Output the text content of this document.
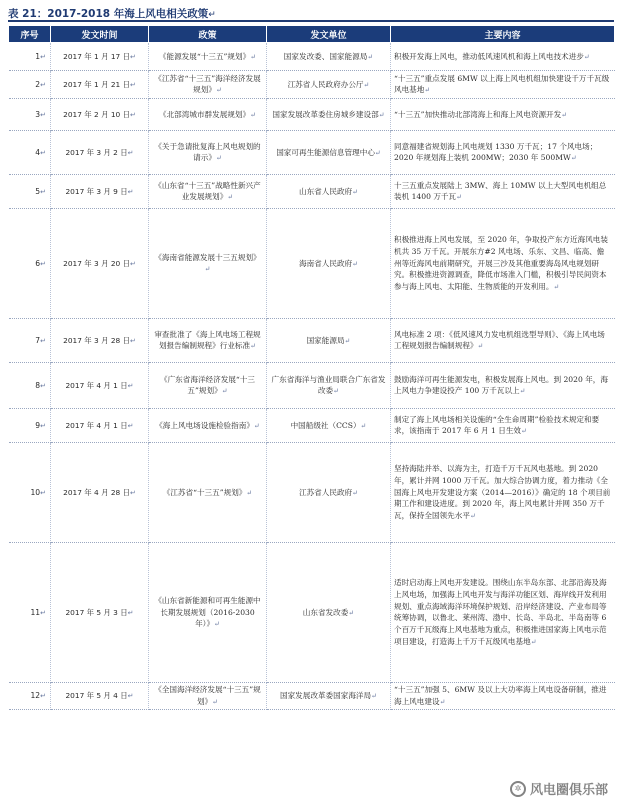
表 21：2017-2018 年海上风电相关政策↵
序号	发文时间	政策	发文单位	主要内容
1↵	2017 年 1 月 17 日↵	《能源发展“十三五”规划》↵	国家发改委、国家能源局↵	积极开发海上风电，推动低风速风机和海上风电技术进步↵
2↵	2017 年 1 月 21 日↵	《江苏省“十三五”海洋经济发展规划》↵	江苏省人民政府办公厅↵	“十三五”重点发展 6MW 以上海上风电机组加快建设千万千瓦级风电基地↵
3↵	2017 年 2 月 10 日↵	《北部湾城市群发展规划》↵	国家发展改革委住房城乡建设部↵	“十三五”加快推动北部湾海上和海上风电资源开发↵
4↵	2017 年 3 月 2 日↵	《关于急请批复海上风电规划的请示》↵	国家可再生能源信息管理中心↵	同意福建省规划海上风电规划 1330 万千瓦；17 个风电场；2020 年规划海上装机 200MW；2030 年 500MW↵
5↵	2017 年 3 月 9 日↵	《山东省“十三五”战略性新兴产业发展规划》↵	山东省人民政府↵	十三五重点发展陆上 3MW、海上 10MW 以上大型风电机组总装机 1400 万千瓦↵
6↵	2017 年 3 月 20 日↵	《海南省能源发展十三五规划》↵	海南省人民政府↵	积极推进海上风电发展，至 2020 年，争取投产东方近海风电装机共 35 万千瓦。开展东方#2 风电场、乐东、文昌、临高、儋州等近海风电前期研究，开展三沙及其他重要海岛风电规划研究。积极推进资源调查，降低市场准入门槛，积极引导民间资本参与海上风电、太阳能、生物质能的开发利用。↵
7↵	2017 年 3 月 28 日↵	审查批准了《海上风电场工程规划报告编制规程》行业标准↵	国家能源局↵	风电标准 2 项：《低风速风力发电机组选型导则》、《海上风电场工程规划报告编制规程》↵
8↵	2017 年 4 月 1 日↵	《广东省海洋经济发展“十三五”规划》↵	广东省海洋与渔业局联合广东省发改委↵	鼓励海洋可再生能源发电，积极发展海上风电。到 2020 年，海上风电力争建设投产 100 万千瓦以上↵
9↵	2017 年 4 月 1 日↵	《海上风电场设施检验指南》↵	中国船级社（CCS）↵	制定了海上风电场相关设施的“全生命周期”检验技术规定和要求，该指南于 2017 年 6 月 1 日生效↵
10↵	2017 年 4 月 28 日↵	《江苏省“十三五”规划》↵	江苏省人民政府↵	坚持海陆并举、以海为主，打造千万千瓦风电基地。到 2020 年，累计并网 1000 万千瓦。加大综合协调力度，着力推动《全国海上风电开发建设方案（2014—2016）》确定的 18 个项目前期工作和建设进度。到 2020 年，海上风电累计并网 350 万千瓦，保持全国领先水平↵
11↵	2017 年 5 月 3 日↵	《山东省新能源和可再生能源中长期发展规划（2016-2030 年）》↵	山东省发改委↵	适时启动海上风电开发建设。围绕山东半岛东部、北部沿海及海上风电场，加强海上风电开发与海洋功能区划、海岸线开发利用规划、重点海域海洋环境保护规划、沿岸经济建设、产业布局等统筹协调，以鲁北、莱州湾、渤中、长岛、半岛北、半岛南等 6 个百万千瓦级海上风电基地为重点，积极推进国家海上风电示范项目建设，打造海上千万千瓦级风电基地↵
12↵	2017 年 5 月 4 日↵	《全国海洋经济发展“十三五”规划》↵	国家发展改革委国家海洋局↵	“十三五”加强 5、6MW 及以上大功率海上风电设备研制，推进海上风电建设↵
✲ 风电圈俱乐部
